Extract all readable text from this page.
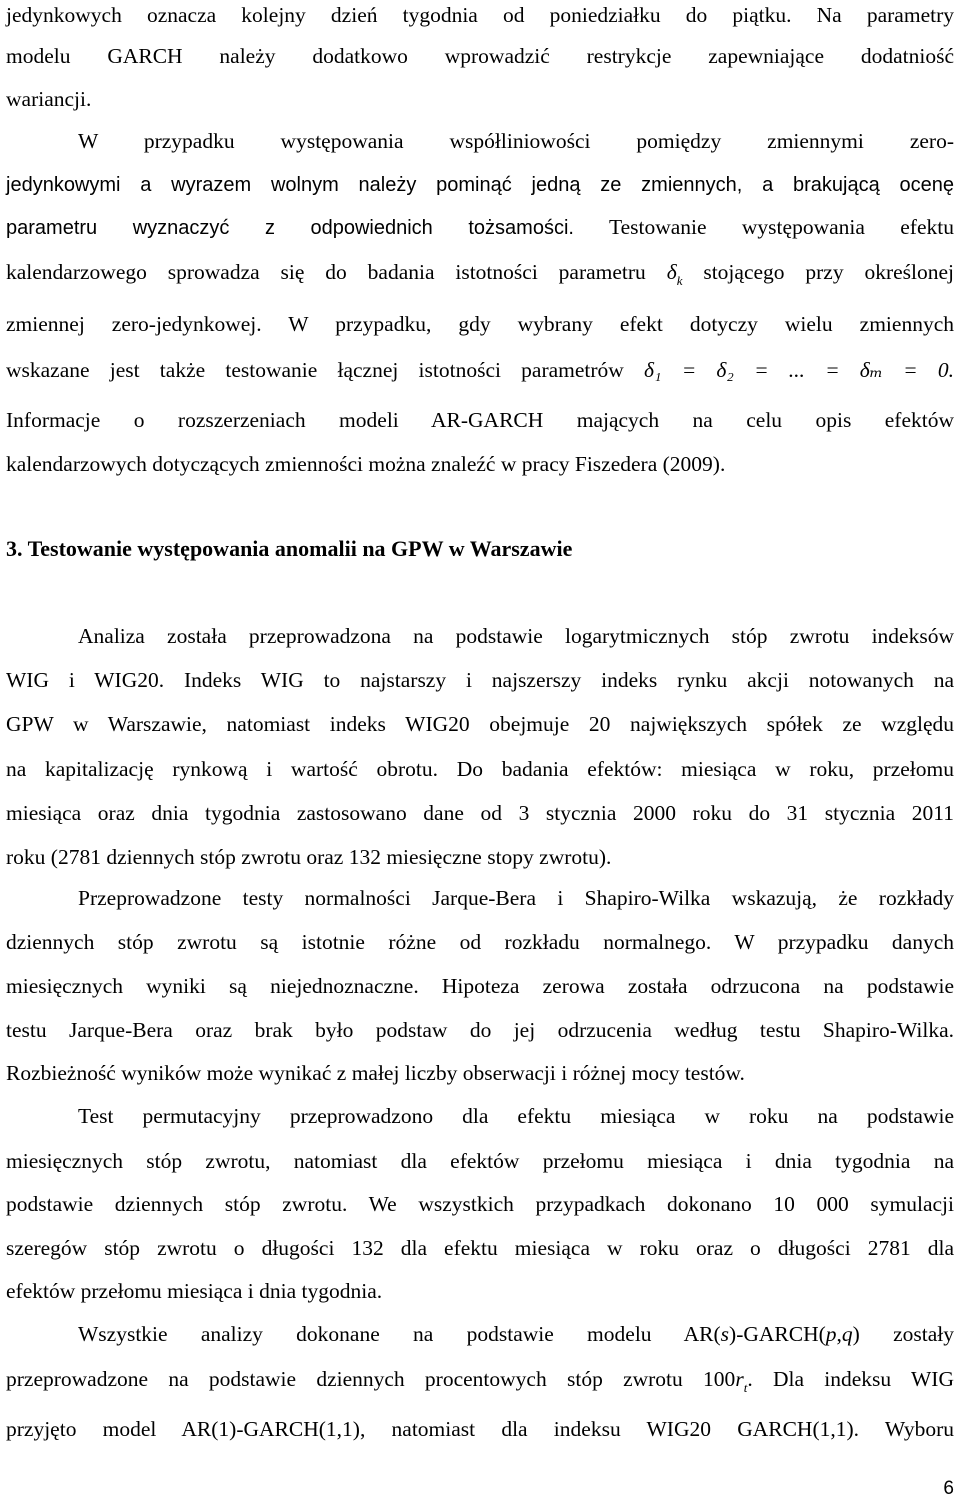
jedynkowych oznacza kolejny dzień tygodnia od poniedziałku do piątku. Na parametry
modelu GARCH należy dodatkowo wprowadzić restrykcje zapewniające dodatniość
wariancji.
W przypadku występowania współliniowości pomiędzy zmiennymi zero-
jedynkowymi a wyrazem wolnym należy pominąć jedną ze zmiennych, a brakującą ocenę
parametru wyznaczyć z odpowiednich tożsamości. Testowanie występowania efektu
kalendarzowego sprowadza się do badania istotności parametru $\delta_k$ stojącego przy określonej
zmiennej zero-jedynkowej. W przypadku, gdy wybrany efekt dotyczy wielu zmiennych
wskazane jest także testowanie łącznej istotności parametrów δ₁ = δ₂ = ... = δₘ = 0.
Informacje o rozszerzeniach modeli AR-GARCH mających na celu opis efektów
kalendarzowych dotyczących zmienności można znaleźć w pracy Fiszedera (2009).
3. Testowanie występowania anomalii na GPW w Warszawie
Analiza została przeprowadzona na podstawie logarytmicznych stóp zwrotu indeksów
WIG i WIG20. Indeks WIG to najstarszy i najszerszy indeks rynku akcji notowanych na
GPW w Warszawie, natomiast indeks WIG20 obejmuje 20 największych spółek ze względu
na kapitalizację rynkową i wartość obrotu. Do badania efektów: miesiąca w roku, przełomu
miesiąca oraz dnia tygodnia zastosowano dane od 3 stycznia 2000 roku do 31 stycznia 2011
roku (2781 dziennych stóp zwrotu oraz 132 miesięczne stopy zwrotu).
Przeprowadzone testy normalności Jarque-Bera i Shapiro-Wilka wskazują, że rozkłady
dziennych stóp zwrotu są istotnie różne od rozkładu normalnego. W przypadku danych
miesięcznych wyniki są niejednoznaczne. Hipoteza zerowa została odrzucona na podstawie
testu Jarque-Bera oraz brak było podstaw do jej odrzucenia według testu Shapiro-Wilka.
Rozbieżność wyników może wynikać z małej liczby obserwacji i różnej mocy testów.
Test permutacyjny przeprowadzono dla efektu miesiąca w roku na podstawie
miesięcznych stóp zwrotu, natomiast dla efektów przełomu miesiąca i dnia tygodnia na
podstawie dziennych stóp zwrotu. We wszystkich przypadkach dokonano 10 000 symulacji
szeregów stóp zwrotu o długości 132 dla efektu miesiąca w roku oraz o długości 2781 dla
efektów przełomu miesiąca i dnia tygodnia.
Wszystkie analizy dokonane na podstawie modelu AR(s)-GARCH(p,q) zostały
przeprowadzone na podstawie dziennych procentowych stóp zwrotu $100r_t$. Dla indeksu WIG
przyjęto model AR(1)-GARCH(1,1), natomiast dla indeksu WIG20 GARCH(1,1). Wyboru
6
